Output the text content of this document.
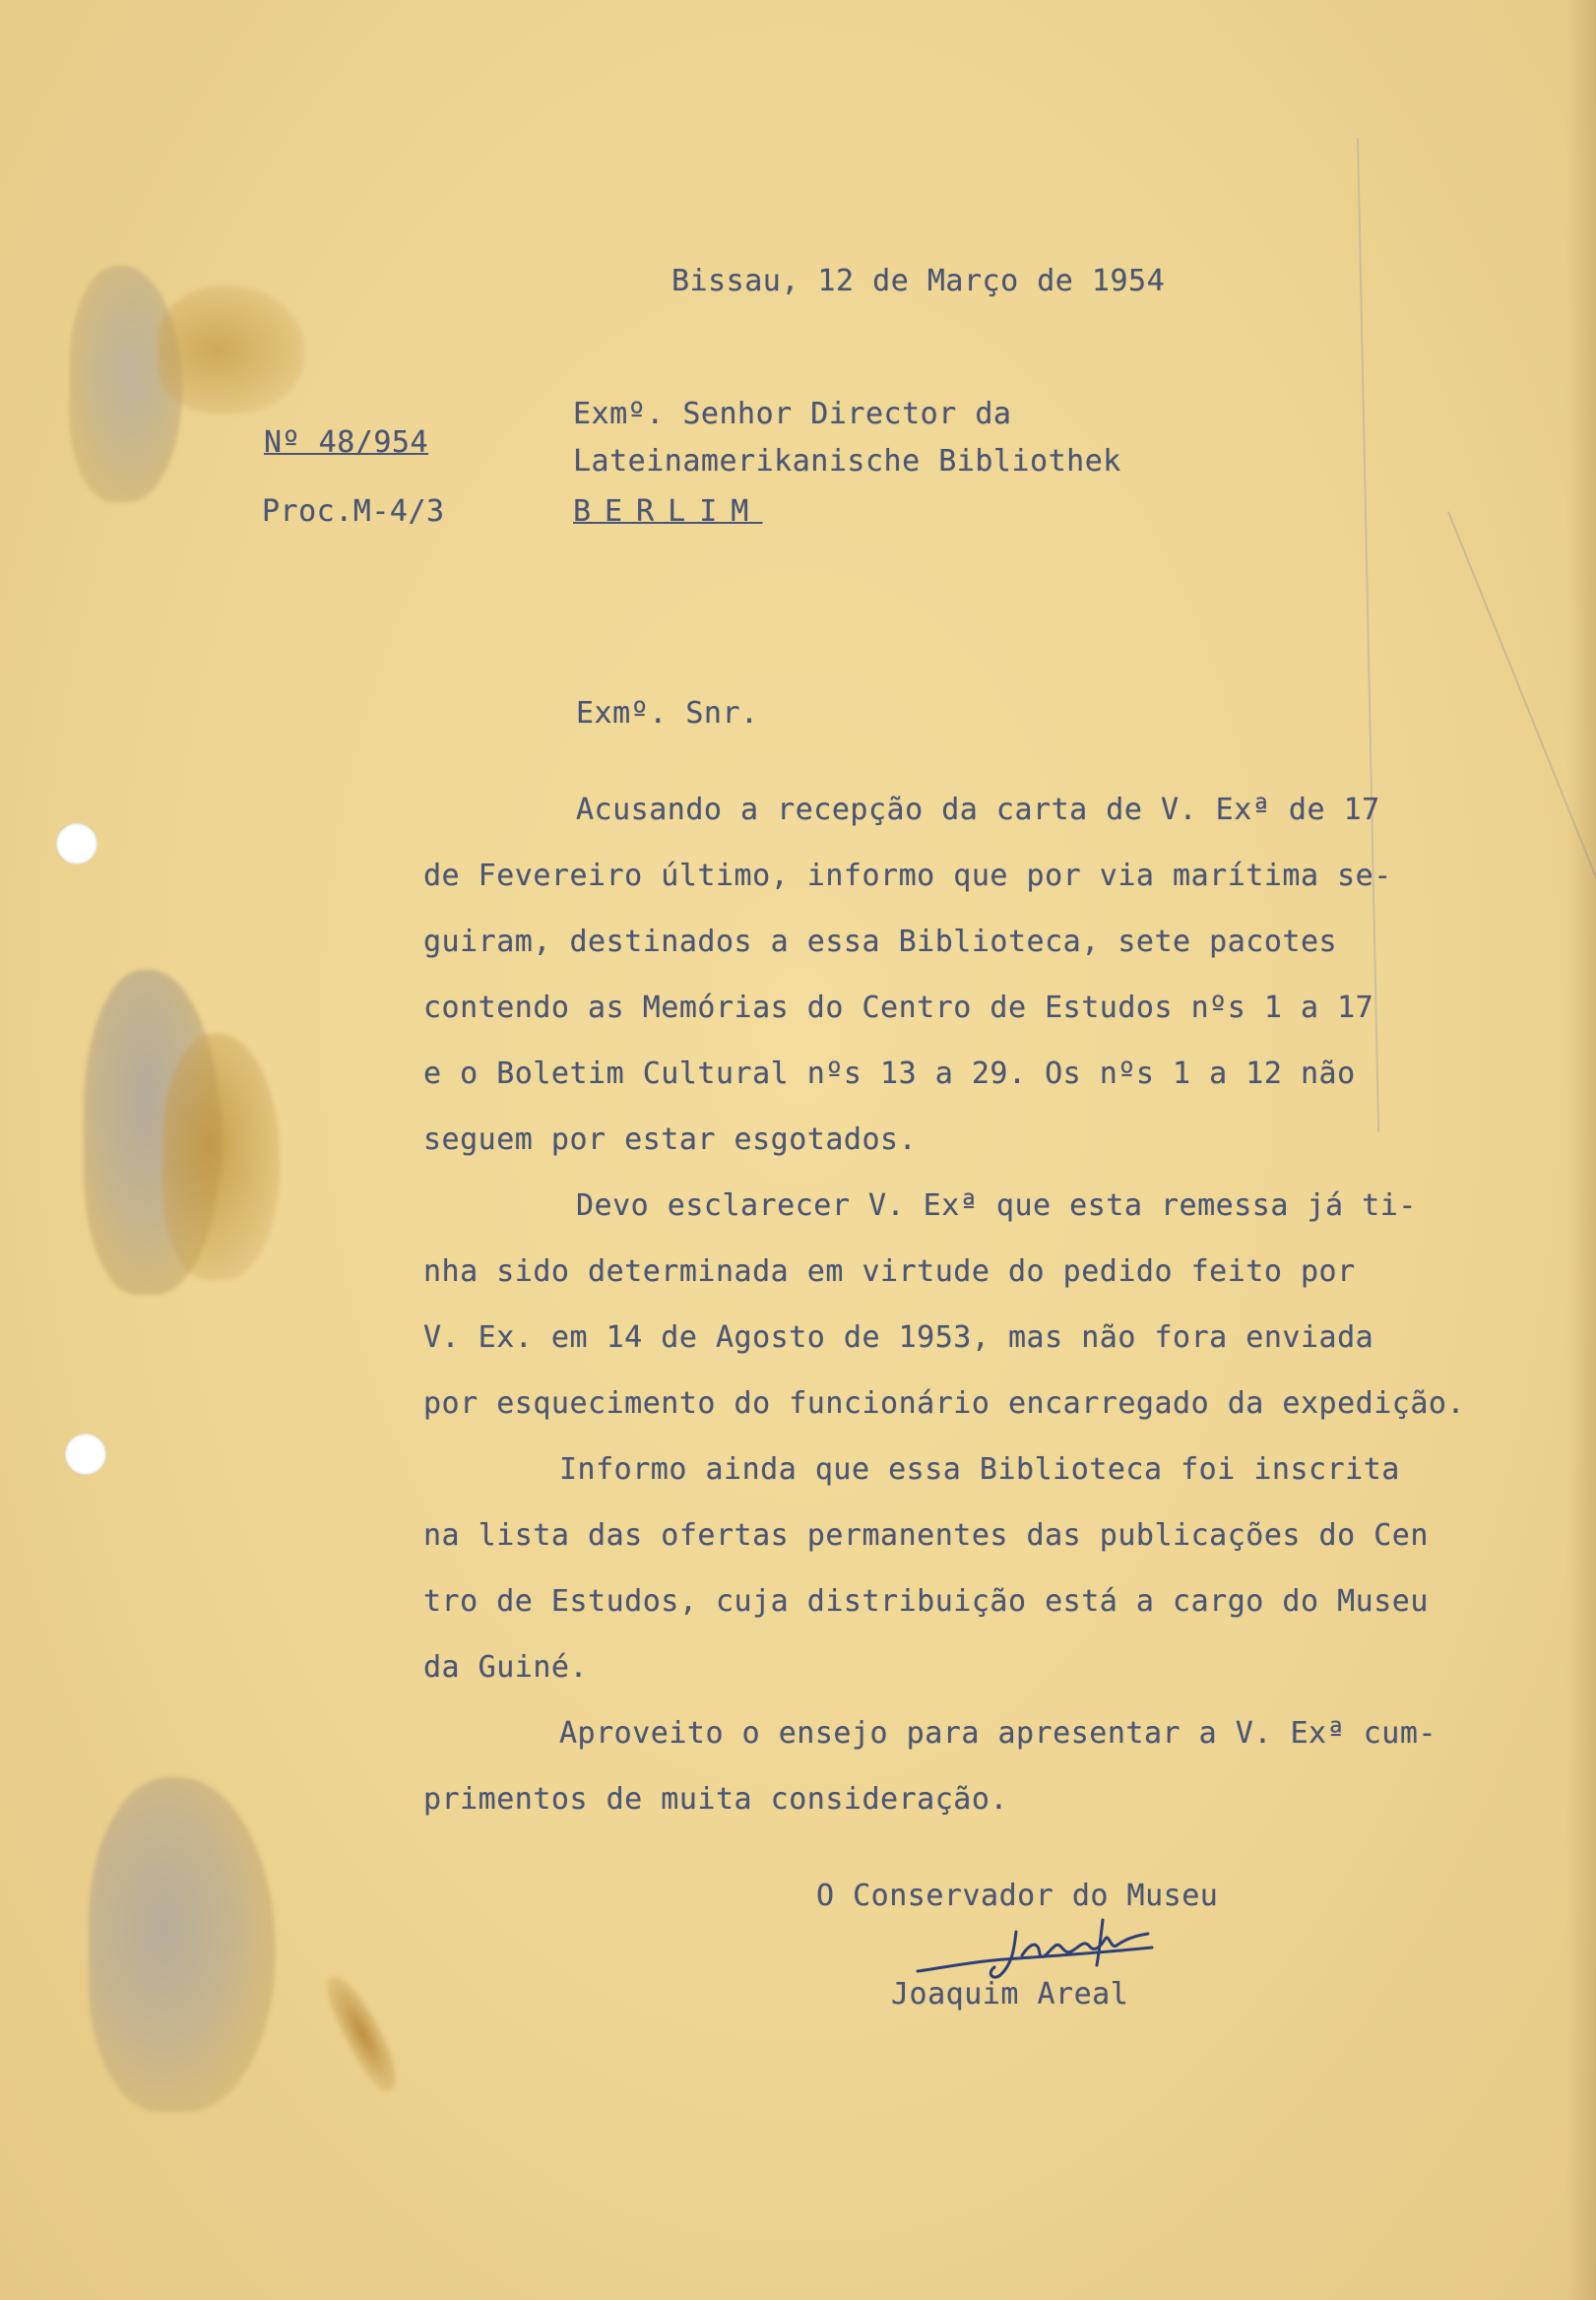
Bissau, 12 de Março de 1954
Nº 48/954
Proc.M-4/3
Exmº. Senhor Director da
Lateinamerikanische Bibliothek
BERLIM
Exmº. Snr.
Acusando a recepção da carta de V. Exª de 17
de Fevereiro último, informo que por via marítima se-
guiram, destinados a essa Biblioteca, sete pacotes
contendo as Memórias do Centro de Estudos nºs 1 a 17
e o Boletim Cultural nºs 13 a 29. Os nºs 1 a 12 não
seguem por estar esgotados.
Devo esclarecer V. Exª que esta remessa já ti-
nha sido determinada em virtude do pedido feito por
V. Ex. em 14 de Agosto de 1953, mas não fora enviada
por esquecimento do funcionário encarregado da expedição.
Informo ainda que essa Biblioteca foi inscrita
na lista das ofertas permanentes das publicações do Cen
tro de Estudos, cuja distribuição está a cargo do Museu
da Guiné.
Aproveito o ensejo para apresentar a V. Exª cum-
primentos de muita consideração.
O Conservador do Museu
Joaquim Areal
